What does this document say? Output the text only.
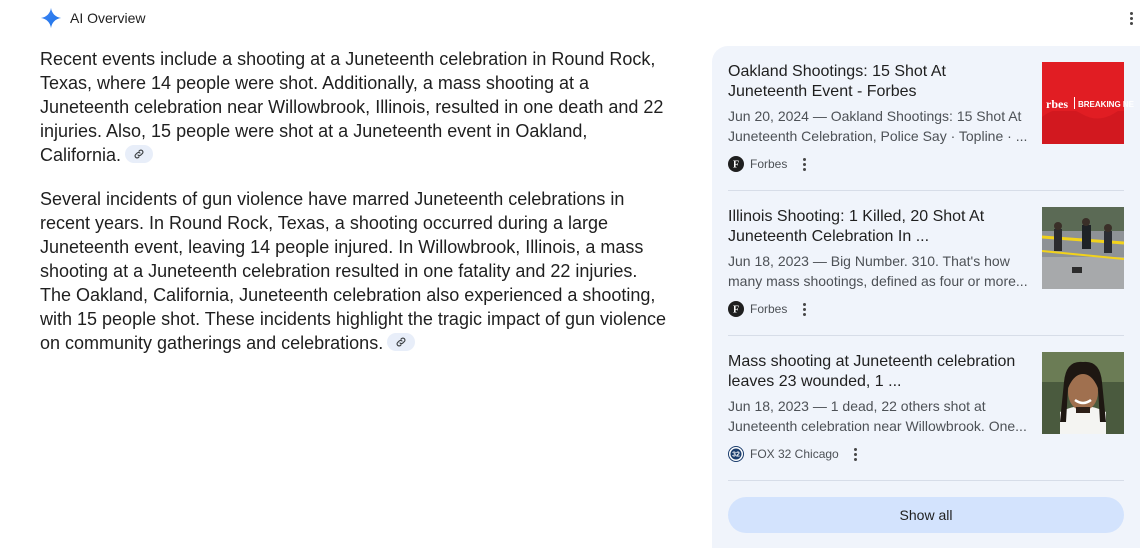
AI Overview
Recent events include a shooting at a Juneteenth celebration in Round Rock, Texas, where 14 people were shot. Additionally, a mass shooting at a Juneteenth celebration near Willowbrook, Illinois, resulted in one death and 22 injuries. Also, 15 people were shot at a Juneteenth event in Oakland, California.
Several incidents of gun violence have marred Juneteenth celebrations in recent years. In Round Rock, Texas, a shooting occurred during a large Juneteenth event, leaving 14 people injured. In Willowbrook, Illinois, a mass shooting at a Juneteenth celebration resulted in one fatality and 22 injuries. The Oakland, California, Juneteenth celebration also experienced a shooting, with 15 people shot. These incidents highlight the tragic impact of gun violence on community gatherings and celebrations.
Oakland Shootings: 15 Shot At Juneteenth Event - Forbes
Jun 20, 2024 — Oakland Shootings: 15 Shot At Juneteenth Celebration, Police Say · Topline · ...
F Forbes
rbes BREAKING NE
Illinois Shooting: 1 Killed, 20 Shot At Juneteenth Celebration In ...
Jun 18, 2023 — Big Number. 310. That's how many mass shootings, defined as four or more...
F Forbes
Mass shooting at Juneteenth celebration leaves 23 wounded, 1 ...
Jun 18, 2023 — 1 dead, 22 others shot at Juneteenth celebration near Willowbrook. One...
32 FOX 32 Chicago
Show all
